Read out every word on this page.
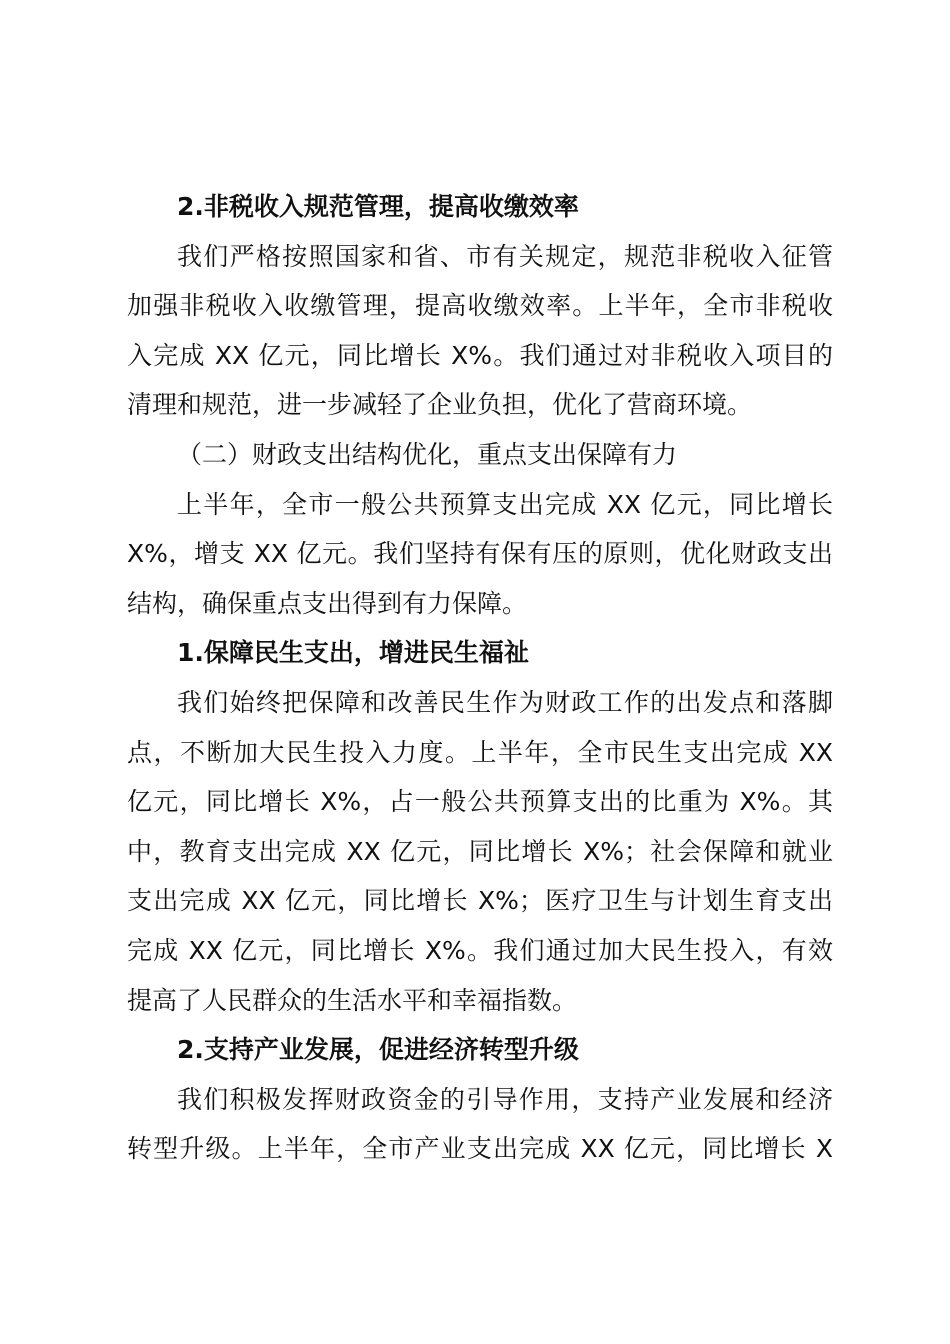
2.非税收入规范管理，提高收缴效率
我们严格按照国家和省、市有关规定，规范非税收入征管
加强非税收入收缴管理，提高收缴效率。上半年，全市非税收
入完成 XX 亿元，同比增长 X%。我们通过对非税收入项目的
清理和规范，进一步减轻了企业负担，优化了营商环境。
（二）财政支出结构优化，重点支出保障有力
上半年，全市一般公共预算支出完成 XX 亿元，同比增长
X%，增支 XX 亿元。我们坚持有保有压的原则，优化财政支出
结构，确保重点支出得到有力保障。
1.保障民生支出，增进民生福祉
我们始终把保障和改善民生作为财政工作的出发点和落脚
点，不断加大民生投入力度。上半年，全市民生支出完成 XX
亿元，同比增长 X%，占一般公共预算支出的比重为 X%。其
中，教育支出完成 XX 亿元，同比增长 X%；社会保障和就业
支出完成 XX 亿元，同比增长 X%；医疗卫生与计划生育支出
完成 XX 亿元，同比增长 X%。我们通过加大民生投入，有效
提高了人民群众的生活水平和幸福指数。
2.支持产业发展，促进经济转型升级
我们积极发挥财政资金的引导作用，支持产业发展和经济
转型升级。上半年，全市产业支出完成 XX 亿元，同比增长 X
